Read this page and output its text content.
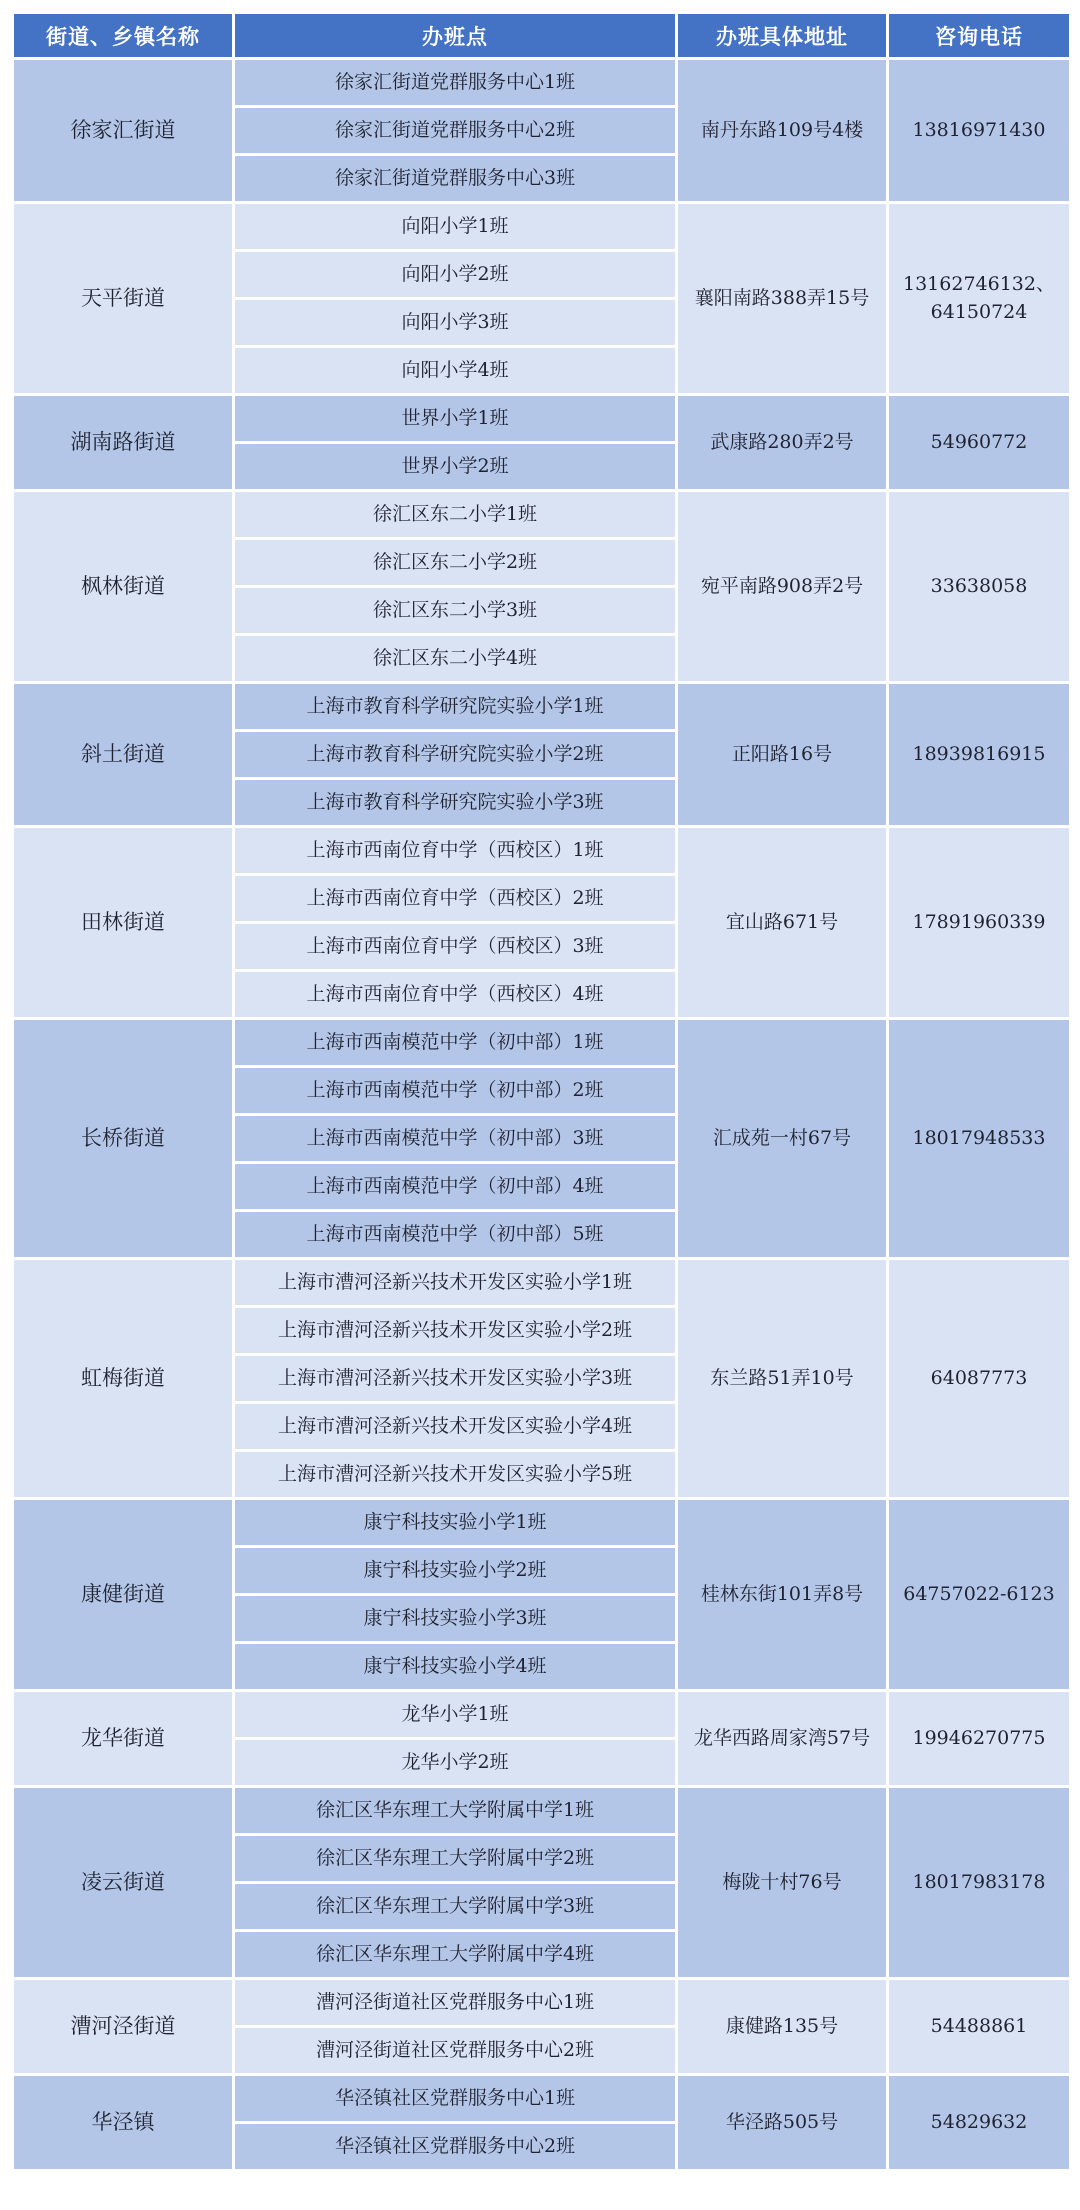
街道、乡镇名称	办班点	办班具体地址	咨询电话
徐家汇街道	徐家汇街道党群服务中心1班	南丹东路109号4楼	13816971430
	徐家汇街道党群服务中心2班		
	徐家汇街道党群服务中心3班		
天平街道	向阳小学1班	襄阳南路388弄15号	13162746132、64150724
	向阳小学2班		
	向阳小学3班		
	向阳小学4班		
湖南路街道	世界小学1班	武康路280弄2号	54960772
	世界小学2班		
枫林街道	徐汇区东二小学1班	宛平南路908弄2号	33638058
	徐汇区东二小学2班		
	徐汇区东二小学3班		
	徐汇区东二小学4班		
斜土街道	上海市教育科学研究院实验小学1班	正阳路16号	18939816915
	上海市教育科学研究院实验小学2班		
	上海市教育科学研究院实验小学3班		
田林街道	上海市西南位育中学（西校区）1班	宜山路671号	17891960339
	上海市西南位育中学（西校区）2班		
	上海市西南位育中学（西校区）3班		
	上海市西南位育中学（西校区）4班		
长桥街道	上海市西南模范中学（初中部）1班	汇成苑一村67号	18017948533
	上海市西南模范中学（初中部）2班		
	上海市西南模范中学（初中部）3班		
	上海市西南模范中学（初中部）4班		
	上海市西南模范中学（初中部）5班		
虹梅街道	上海市漕河泾新兴技术开发区实验小学1班	东兰路51弄10号	64087773
	上海市漕河泾新兴技术开发区实验小学2班		
	上海市漕河泾新兴技术开发区实验小学3班		
	上海市漕河泾新兴技术开发区实验小学4班		
	上海市漕河泾新兴技术开发区实验小学5班		
康健街道	康宁科技实验小学1班	桂林东街101弄8号	64757022-6123
	康宁科技实验小学2班		
	康宁科技实验小学3班		
	康宁科技实验小学4班		
龙华街道	龙华小学1班	龙华西路周家湾57号	19946270775
	龙华小学2班		
凌云街道	徐汇区华东理工大学附属中学1班	梅陇十村76号	18017983178
	徐汇区华东理工大学附属中学2班		
	徐汇区华东理工大学附属中学3班		
	徐汇区华东理工大学附属中学4班		
漕河泾街道	漕河泾街道社区党群服务中心1班	康健路135号	54488861
	漕河泾街道社区党群服务中心2班		
华泾镇	华泾镇社区党群服务中心1班	华泾路505号	54829632
	华泾镇社区党群服务中心2班		
